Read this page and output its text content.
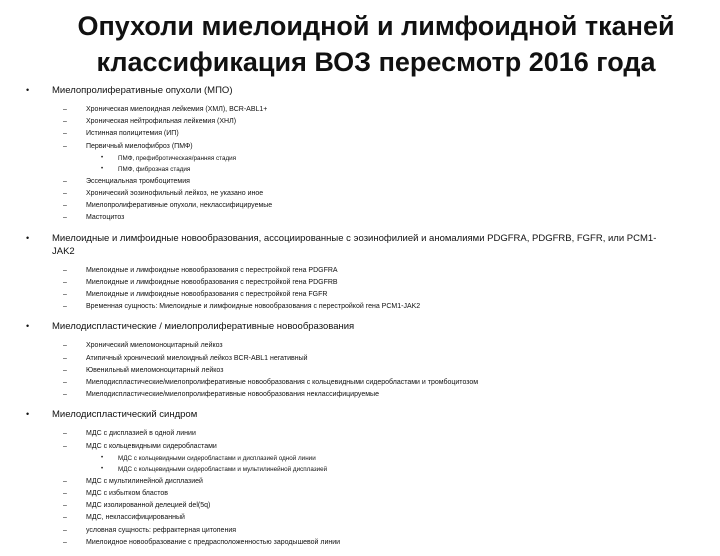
Опухоли миелоидной и лимфоидной тканей классификация ВОЗ пересмотр 2016 года
• Миелопролиферативные опухоли (МПО)
–	Хроническая миелоидная лейкемия (ХМЛ), BCR-ABL1+
–	Хроническая нейтрофильная лейкемия (ХНЛ)
–	Истинная полицитемия (ИП)
–	Первичный миелофиброз (ПМФ)
• ПМФ, префибротическая/ранняя стадия
• ПМФ, фиброзная стадия
–	Эссенциальная тромбоцитемия
–	Хронический эозинофильный лейкоз, не указано иное
–	Миелопролиферативные опухоли, неклассифицируемые
–	Мастоцитоз
• Миелоидные и лимфоидные новообразования, ассоциированные с эозинофилией и аномалиями PDGFRA, PDGFRB, FGFR, или PCM1-JAK2
–	Миелоидные и лимфоидные новообразования с перестройкой гена PDGFRA
–	Миелоидные и лимфоидные новообразования с перестройкой гена PDGFRB
–	Миелоидные и лимфоидные новообразования с перестройкой гена FGFR
–	Временная сущность: Миелоидные и лимфоидные новообразования с перестройкой гена PCM1-JAK2
• Миелодиспластические / миелопролиферативные новообразования
–	Хронический миеломоноцитарный лейкоз
–	Атипичный хронический миелоидный лейкоз BCR-ABL1 негативный
–	Ювенильный миеломоноцитарный лейкоз
–	Миелодиспластические/миелопролиферативные новообразования с кольцевидными сидеробластами и тромбоцитозом
–	Миелодиспластические/миелопролиферативные новообразования неклассифицируемые
• Миелодиспластический синдром
–	МДС с дисплазией в одной линии
–	МДС с кольцевидными сидеробластами
• МДС с кольцевидными сидеробластами и дисплазией одной линии
• МДС с кольцевидными сидеробластами и мультилинейной дисплазией
–	МДС с мультилинейной дисплазией
–	МДС с избытком бластов
–	МДС изолированной делецией del(5q)
–	МДС, неклассифицированный
–	условная сущность: рефрактерная цитопения
–	Миелоидное новообразование с предрасположенностью зародышевой линии
